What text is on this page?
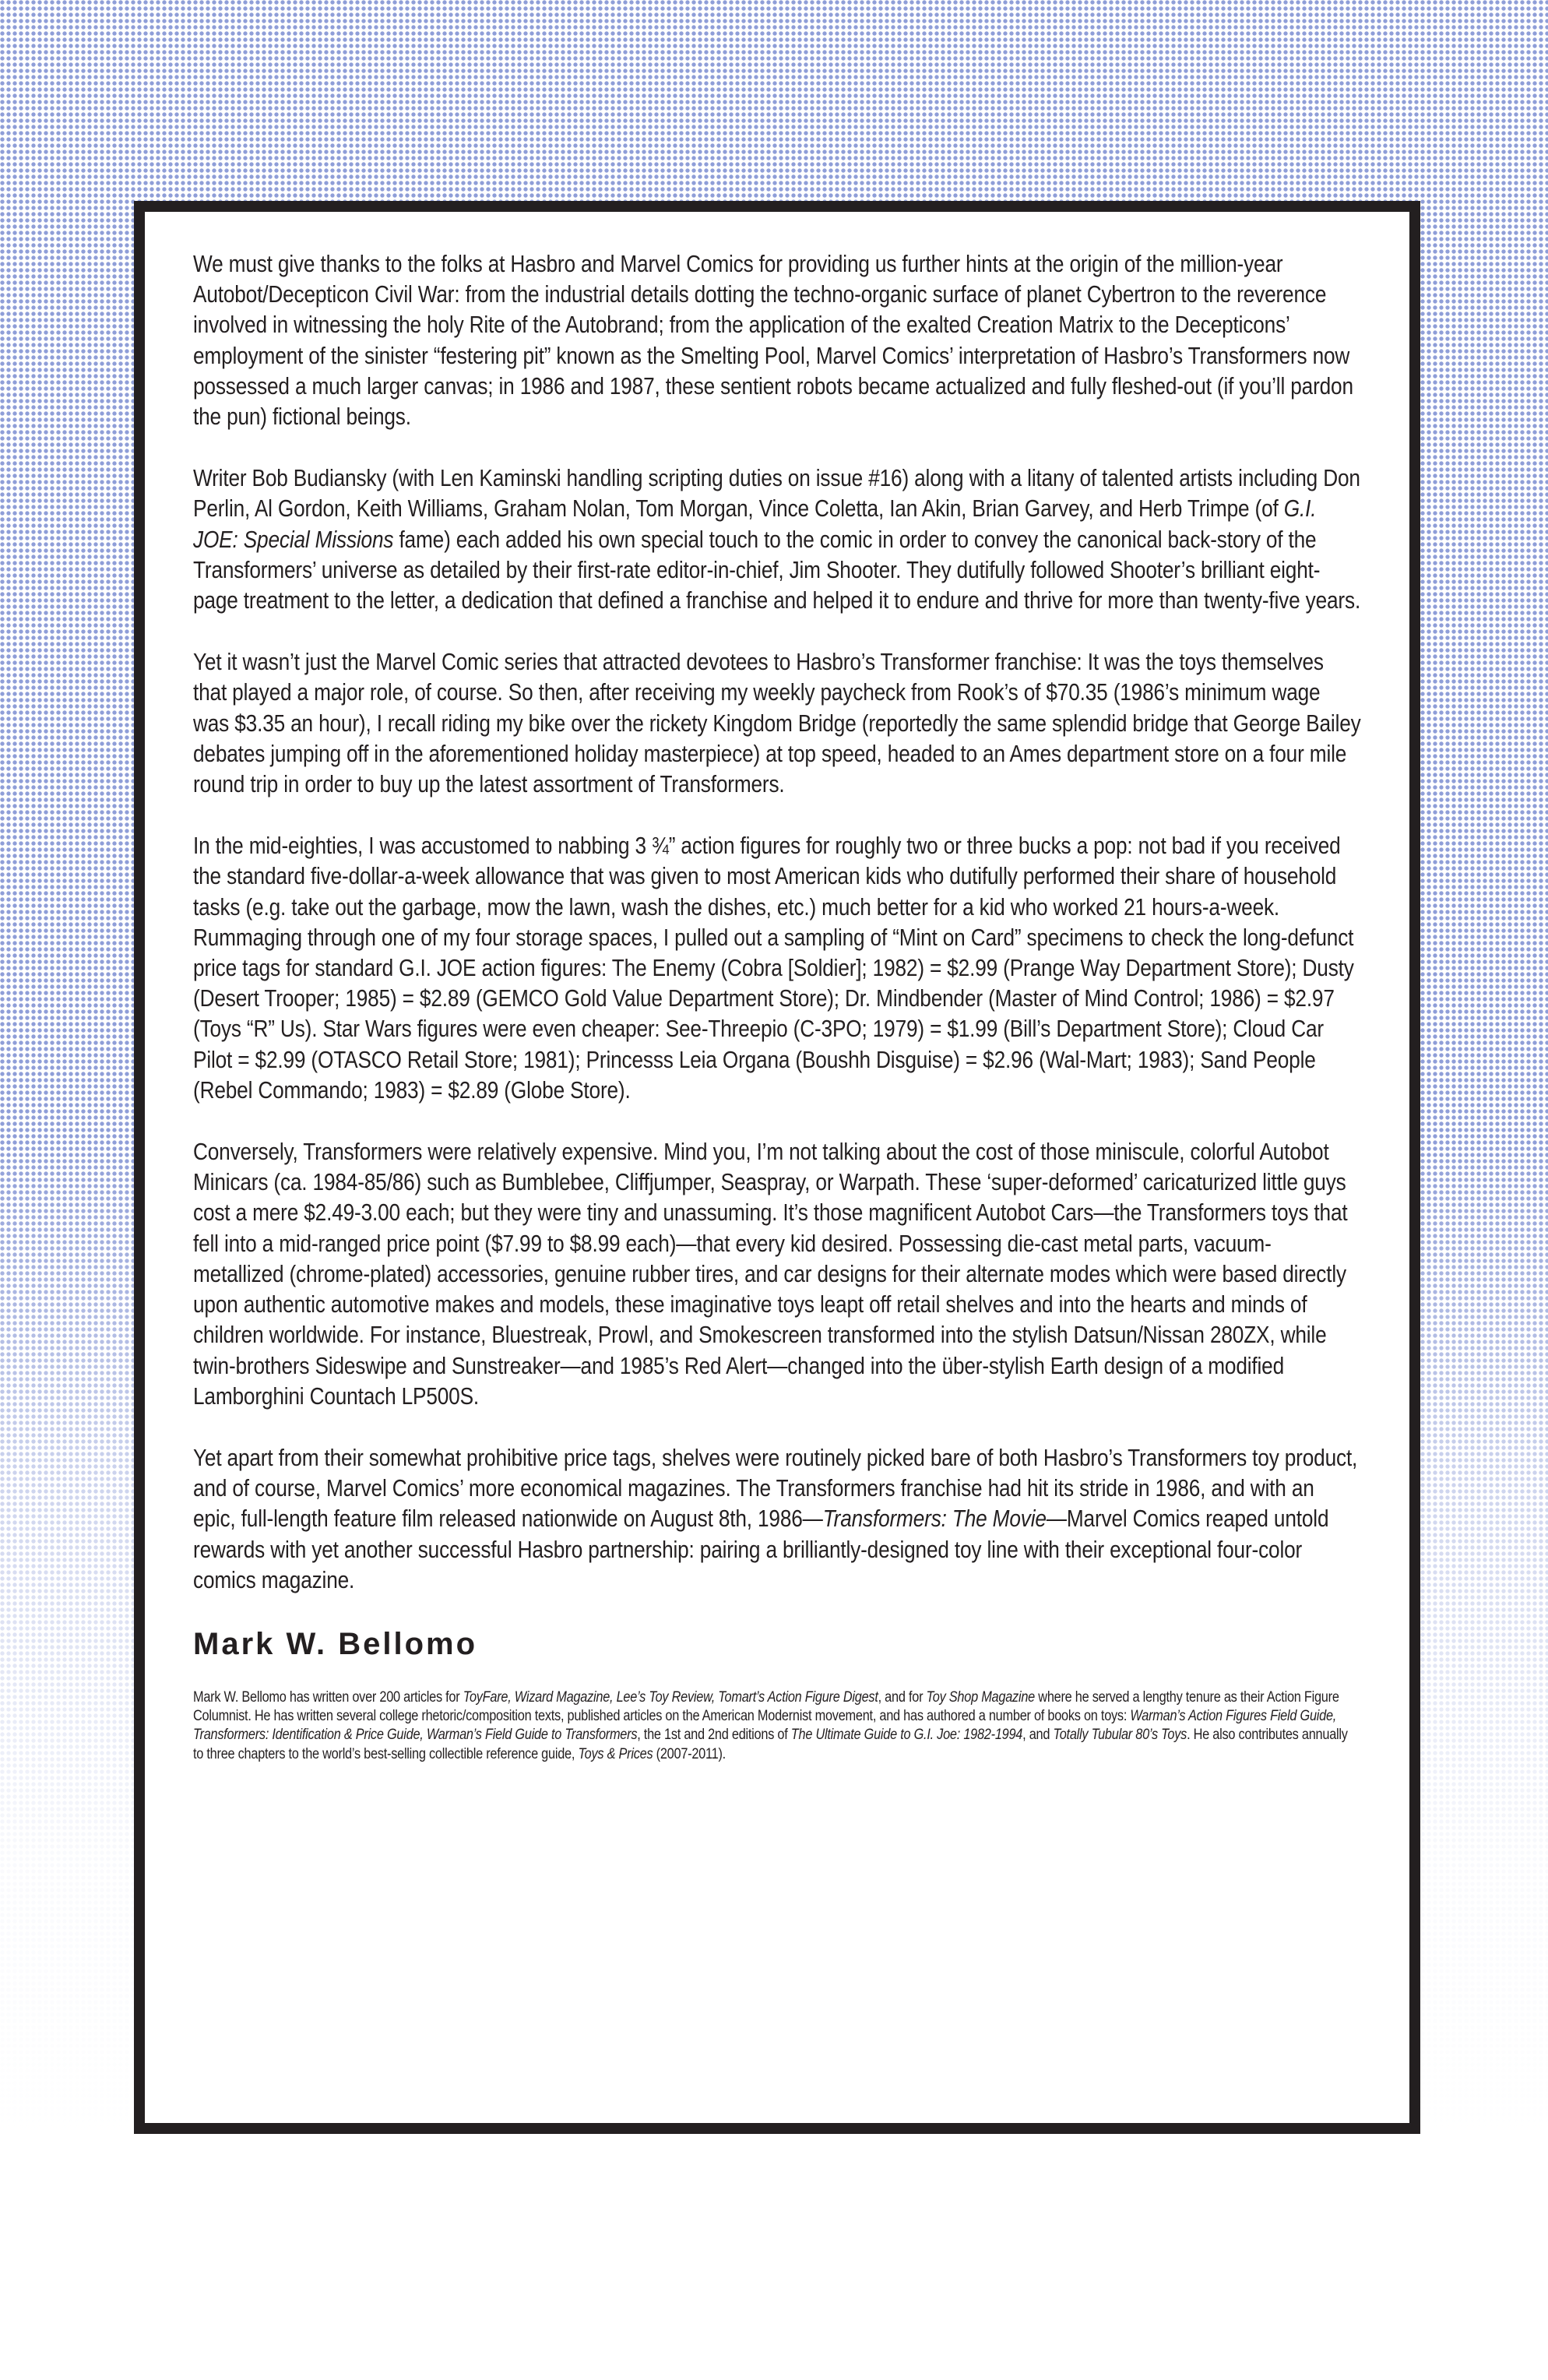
We must give thanks to the folks at Hasbro and Marvel Comics for providing us further hints at the origin of the million-year Autobot/Decepticon Civil War: from the industrial details dotting the techno-organic surface of planet Cybertron to the reverence involved in witnessing the holy Rite of the Autobrand; from the application of the exalted Creation Matrix to the Decepticons’ employment of the sinister “festering pit” known as the Smelting Pool, Marvel Comics’ interpretation of Hasbro’s Transformers now possessed a much larger canvas; in 1986 and 1987, these sentient robots became actualized and fully fleshed-out (if you’ll pardon the pun) fictional beings.

Writer Bob Budiansky (with Len Kaminski handling scripting duties on issue #16) along with a litany of talented artists including Don Perlin, Al Gordon, Keith Williams, Graham Nolan, Tom Morgan, Vince Coletta, Ian Akin, Brian Garvey, and Herb Trimpe (of G.I. JOE: Special Missions fame) each added his own special touch to the comic in order to convey the canonical back-story of the Transformers’ universe as detailed by their first-rate editor-in-chief, Jim Shooter. They dutifully followed Shooter’s brilliant eight-page treatment to the letter, a dedication that defined a franchise and helped it to endure and thrive for more than twenty-five years.

Yet it wasn’t just the Marvel Comic series that attracted devotees to Hasbro’s Transformer franchise: It was the toys themselves that played a major role, of course. So then, after receiving my weekly paycheck from Rook’s of $70.35 (1986’s minimum wage was $3.35 an hour), I recall riding my bike over the rickety Kingdom Bridge (reportedly the same splendid bridge that George Bailey debates jumping off in the aforementioned holiday masterpiece) at top speed, headed to an Ames department store on a four mile round trip in order to buy up the latest assortment of Transformers.

In the mid-eighties, I was accustomed to nabbing 3 ¾” action figures for roughly two or three bucks a pop: not bad if you received the standard five-dollar-a-week allowance that was given to most American kids who dutifully performed their share of household tasks (e.g. take out the garbage, mow the lawn, wash the dishes, etc.) much better for a kid who worked 21 hours-a-week. Rummaging through one of my four storage spaces, I pulled out a sampling of “Mint on Card” specimens to check the long-defunct price tags for standard G.I. JOE action figures: The Enemy (Cobra [Soldier]; 1982) = $2.99 (Prange Way Department Store); Dusty (Desert Trooper; 1985) = $2.89 (GEMCO Gold Value Department Store); Dr. Mindbender (Master of Mind Control; 1986) = $2.97 (Toys “R” Us). Star Wars figures were even cheaper: See-Threepio (C-3PO; 1979) = $1.99 (Bill’s Department Store); Cloud Car Pilot = $2.99 (OTASCO Retail Store; 1981); Princesss Leia Organa (Boushh Disguise) = $2.96 (Wal-Mart; 1983); Sand People (Rebel Commando; 1983) = $2.89 (Globe Store).

Conversely, Transformers were relatively expensive. Mind you, I’m not talking about the cost of those miniscule, colorful Autobot Minicars (ca. 1984-85/86) such as Bumblebee, Cliffjumper, Seaspray, or Warpath. These ‘super-deformed’ caricaturized little guys cost a mere $2.49-3.00 each; but they were tiny and unassuming. It’s those magnificent Autobot Cars—the Transformers toys that fell into a mid-ranged price point ($7.99 to $8.99 each)—that every kid desired. Possessing die-cast metal parts, vacuum-metallized (chrome-plated) accessories, genuine rubber tires, and car designs for their alternate modes which were based directly upon authentic automotive makes and models, these imaginative toys leapt off retail shelves and into the hearts and minds of children worldwide. For instance, Bluestreak, Prowl, and Smokescreen transformed into the stylish Datsun/Nissan 280ZX, while twin-brothers Sideswipe and Sunstreaker—and 1985’s Red Alert—changed into the über-stylish Earth design of a modified Lamborghini Countach LP500S.

Yet apart from their somewhat prohibitive price tags, shelves were routinely picked bare of both Hasbro’s Transformers toy product, and of course, Marvel Comics’ more economical magazines. The Transformers franchise had hit its stride in 1986, and with an epic, full-length feature film released nationwide on August 8th, 1986—Transformers: The Movie—Marvel Comics reaped untold rewards with yet another successful Hasbro partnership: pairing a brilliantly-designed toy line with their exceptional four-color comics magazine.

Mark W. Bellomo

Mark W. Bellomo has written over 200 articles for ToyFare, Wizard Magazine, Lee’s Toy Review, Tomart’s Action Figure Digest, and for Toy Shop Magazine where he served a lengthy tenure as their Action Figure Columnist. He has written several college rhetoric/composition texts, published articles on the American Modernist movement, and has authored a number of books on toys: Warman’s Action Figures Field Guide, Transformers: Identification & Price Guide, Warman’s Field Guide to Transformers, the 1st and 2nd editions of The Ultimate Guide to G.I. Joe: 1982-1994, and Totally Tubular 80’s Toys. He also contributes annually to three chapters to the world’s best-selling collectible reference guide, Toys & Prices (2007-2011).
